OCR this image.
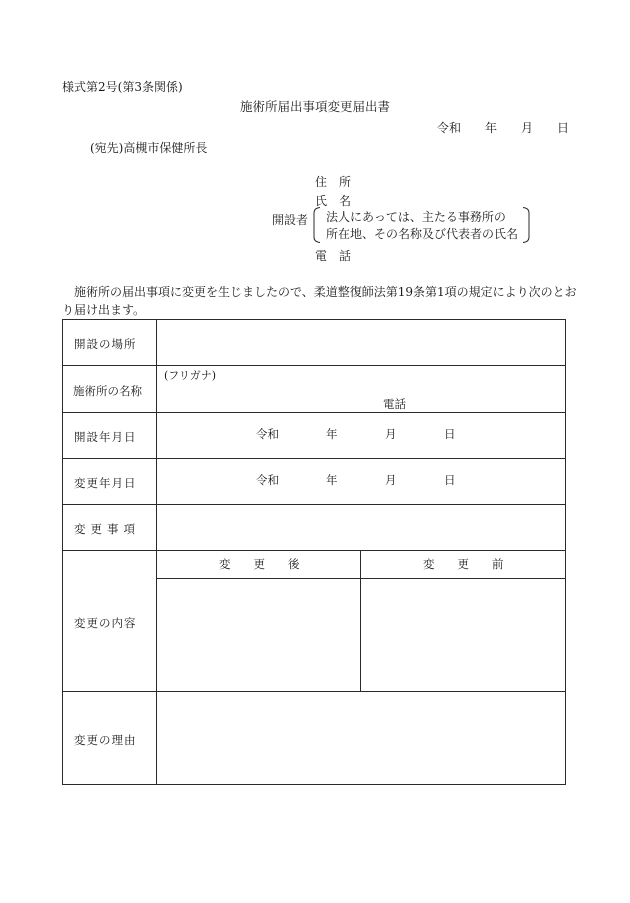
様式第2号(第3条関係)
施術所届出事項変更届出書
令和 年 月 日
(宛先)高槻市保健所長
住　所
氏　名
開設者 法人にあっては、主たる事務所の
所在地、その名称及び代表者の氏名
電　話
施術所の届出事項に変更を生じましたので、柔道整復師法第19条第1項の規定により次のとお
り届け出ます。
開設の場所
施術所の名称
(フリガナ)
電話
開設年月日	令和	年	月	日
変更年月日	令和	年	月	日
変更事項
変更の内容
変　　更　　後	変　　更　　前
変更の理由
